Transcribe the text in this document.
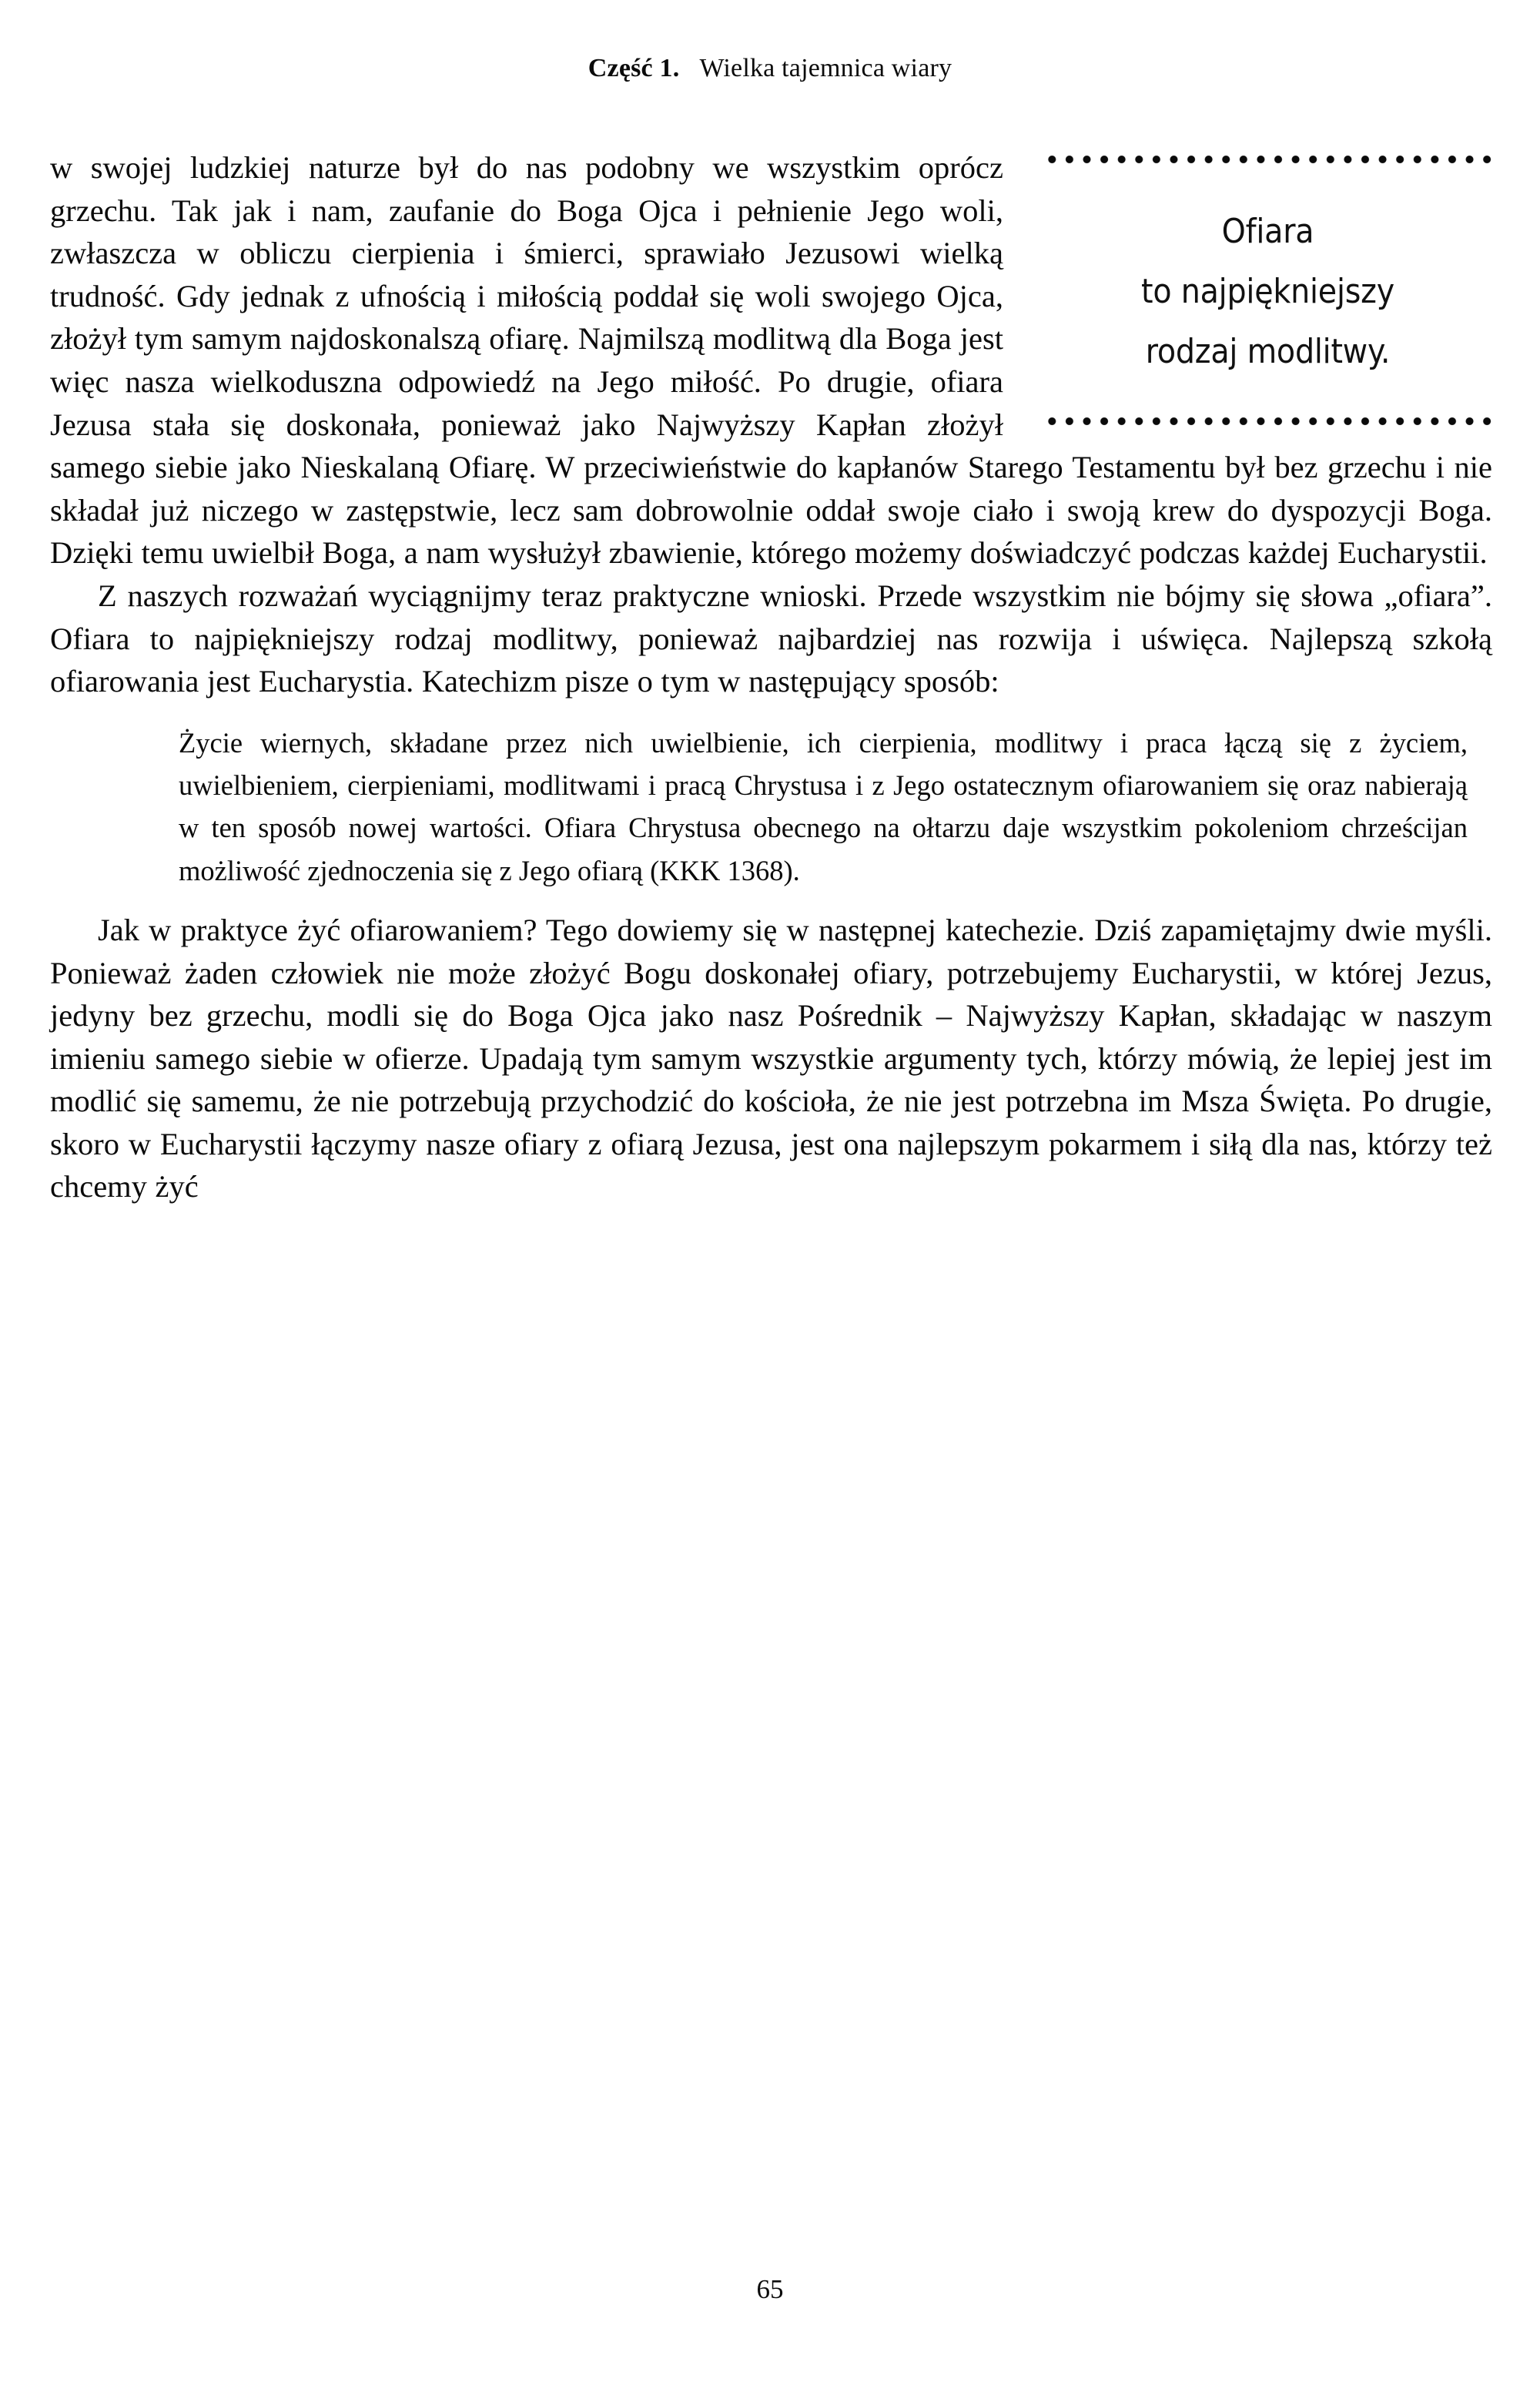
Część 1. Wielka tajemnica wiary
Ofiara
to najpiękniejszy
rodzaj modlitwy.

w swojej ludzkiej naturze był do nas podobny we wszystkim oprócz grzechu. Tak jak i nam, zaufanie do Boga Ojca i pełnienie Jego woli, zwłaszcza w obliczu cierpienia i śmierci, sprawiało Jezusowi wielką trudność. Gdy jednak z ufnością i miłością poddał się woli swojego Ojca, złożył tym samym najdoskonalszą ofiarę. Najmilszą modlitwą dla Boga jest więc nasza wielkoduszna odpowiedź na Jego miłość. Po drugie, ofiara Jezusa stała się doskonała, ponieważ jako Najwyższy Kapłan złożył samego siebie jako Nieskalaną Ofiarę. W przeciwieństwie do kapłanów Starego Testamentu był bez grzechu i nie składał już niczego w zastępstwie, lecz sam dobrowolnie oddał swoje ciało i swoją krew do dyspozycji Boga. Dzięki temu uwielbił Boga, a nam wysłużył zbawienie, którego możemy doświadczyć podczas każdej Eucharystii.

Z naszych rozważań wyciągnijmy teraz praktyczne wnioski. Przede wszystkim nie bójmy się słowa „ofiara”. Ofiara to najpiękniejszy rodzaj modlitwy, ponieważ najbardziej nas rozwija i uświęca. Najlepszą szkołą ofiarowania jest Eucharystia. Katechizm pisze o tym w następujący sposób:

Życie wiernych, składane przez nich uwielbienie, ich cierpienia, modlitwy i praca łączą się z życiem, uwielbieniem, cierpieniami, modlitwami i pracą Chrystusa i z Jego ostatecznym ofiarowaniem się oraz nabierają w ten sposób nowej wartości. Ofiara Chrystusa obecnego na ołtarzu daje wszystkim pokoleniom chrześcijan możliwość zjednoczenia się z Jego ofiarą (KKK 1368).

Jak w praktyce żyć ofiarowaniem? Tego dowiemy się w następnej katechezie. Dziś zapamiętajmy dwie myśli. Ponieważ żaden człowiek nie może złożyć Bogu doskonałej ofiary, potrzebujemy Eucharystii, w której Jezus, jedyny bez grzechu, modli się do Boga Ojca jako nasz Pośrednik – Najwyższy Kapłan, składając w naszym imieniu samego siebie w ofierze. Upadają tym samym wszystkie argumenty tych, którzy mówią, że lepiej jest im modlić się samemu, że nie potrzebują przychodzić do kościoła, że nie jest potrzebna im Msza Święta. Po drugie, skoro w Eucharystii łączymy nasze ofiary z ofiarą Jezusa, jest ona najlepszym pokarmem i siłą dla nas, którzy też chcemy żyć

65
